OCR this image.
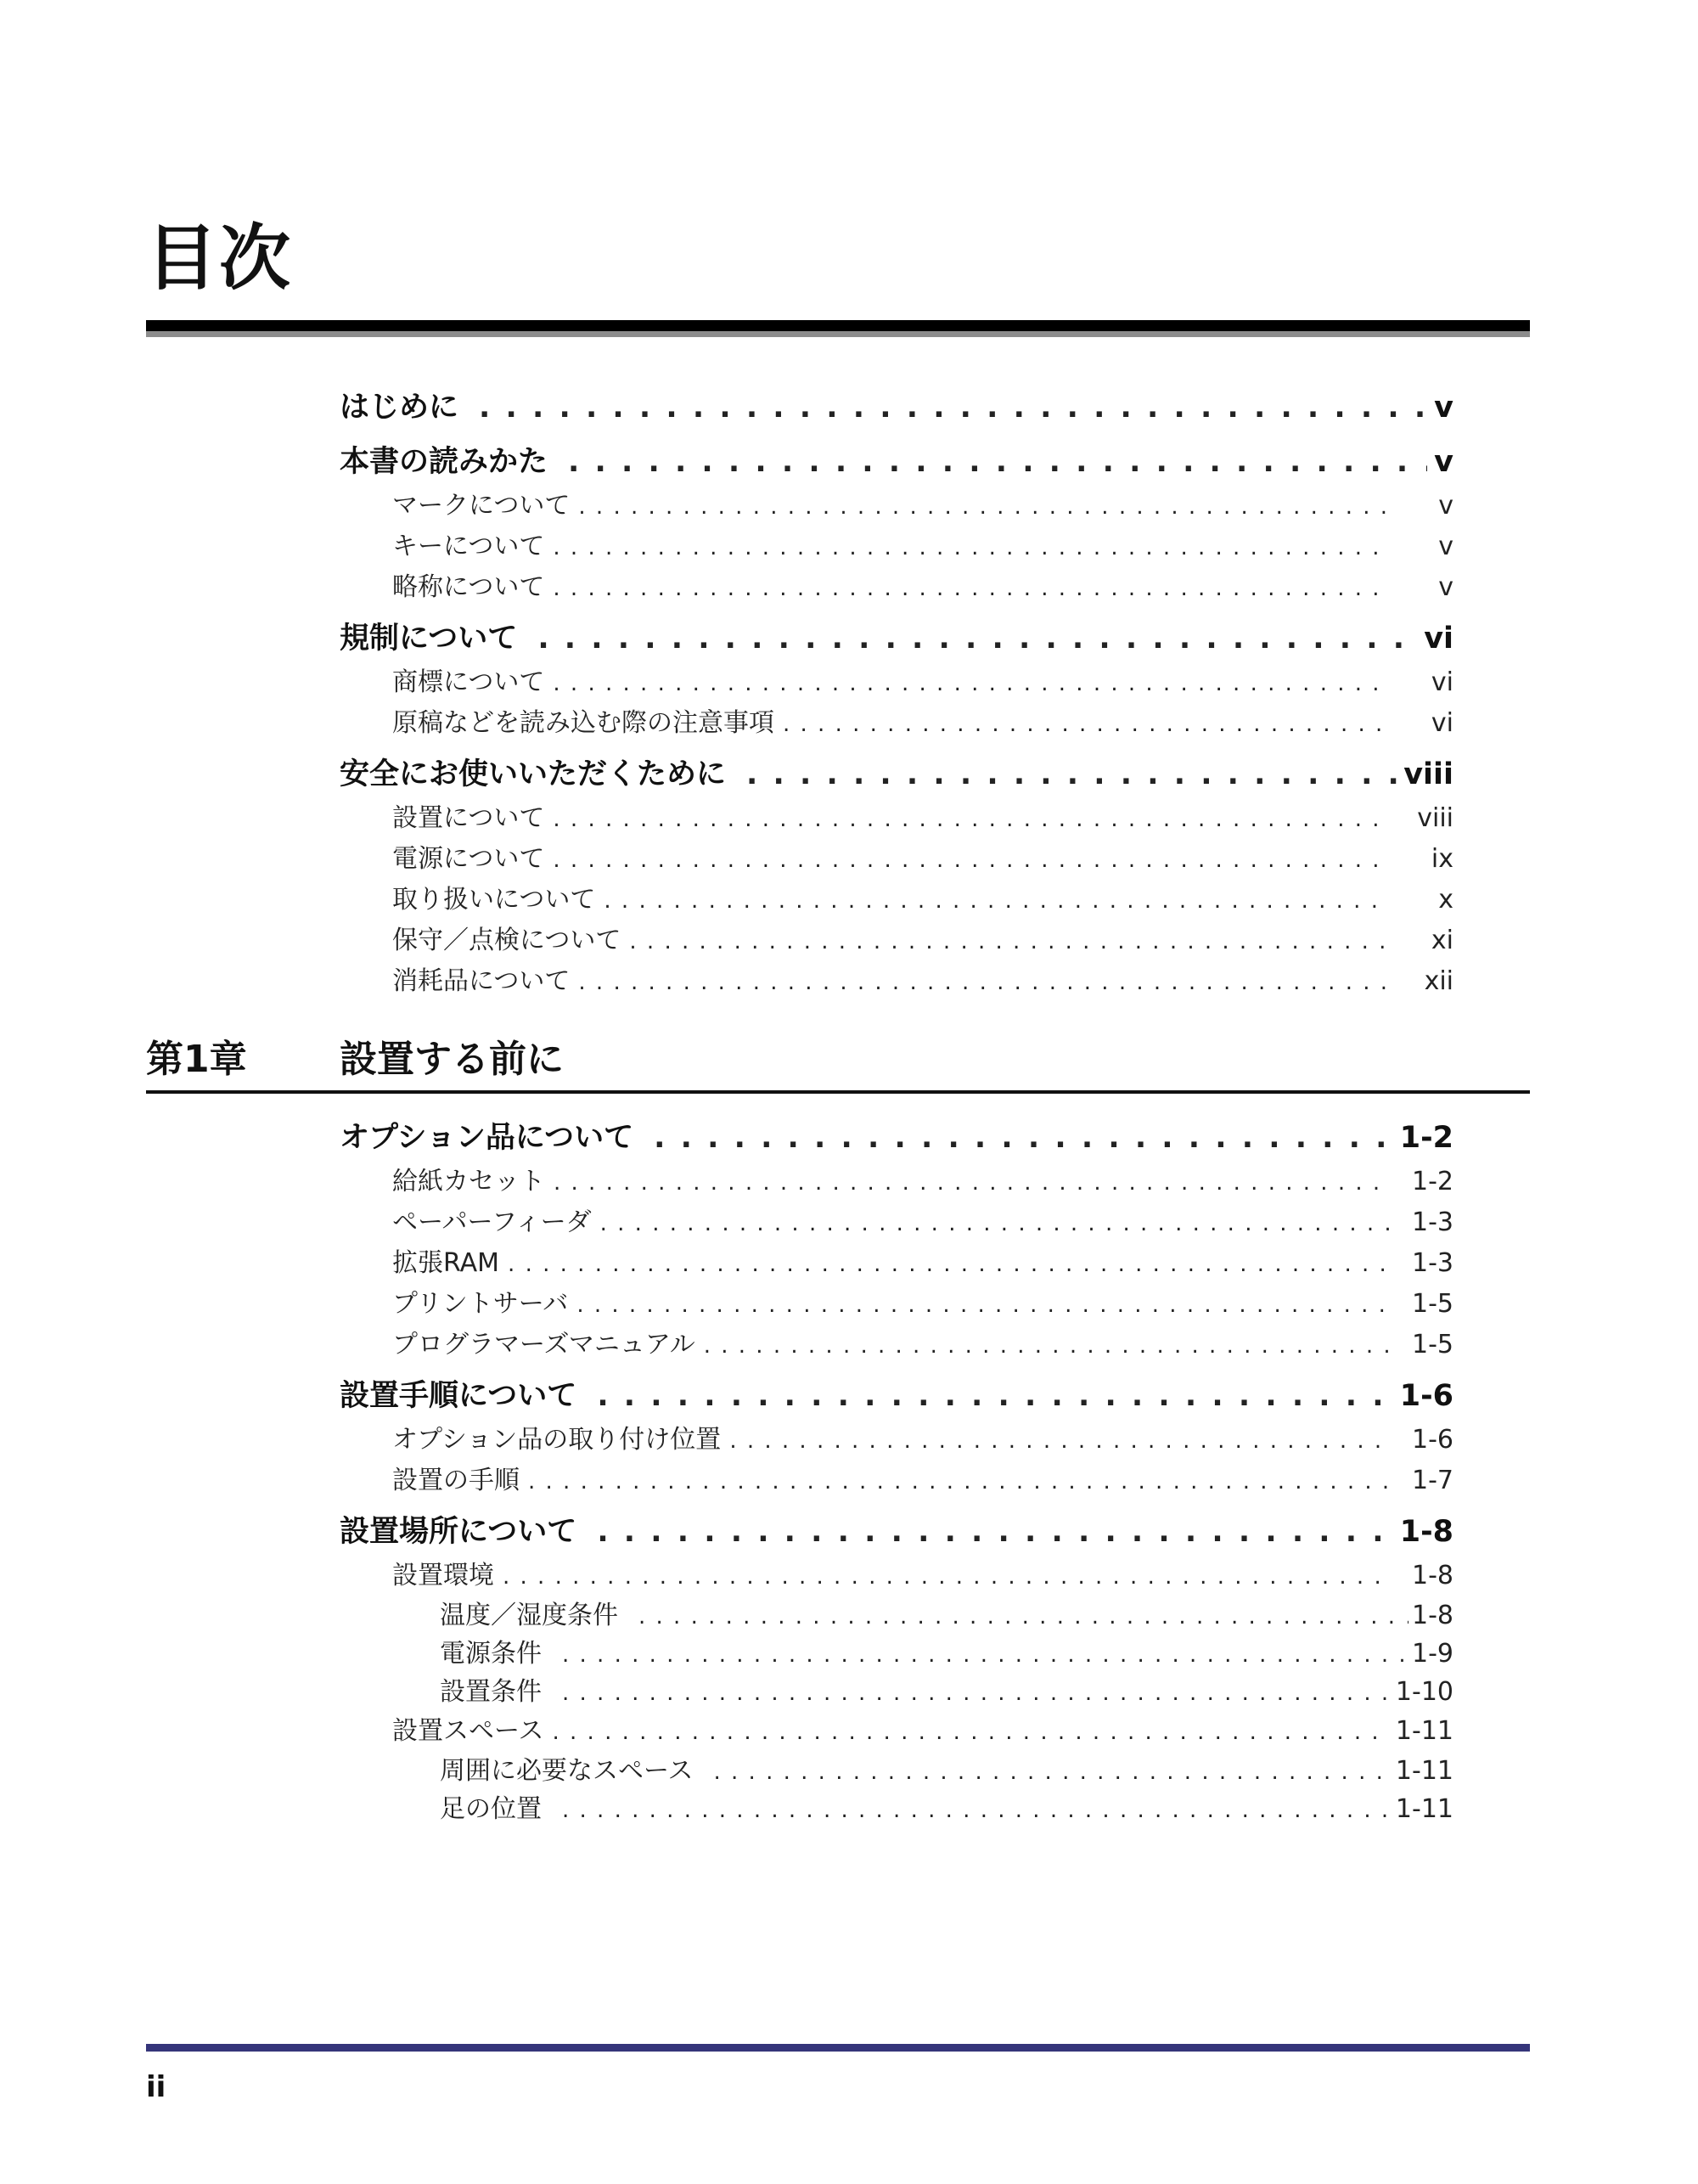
目次
はじめに . . .	v
本書の読みかた . . .	v
マークについて . . .	v
キーについて . . .	v
略称について . . .	v
規制について . . .	vi
商標について . . .	vi
原稿などを読み込む際の注意事項 . . .	vi
安全にお使いいただくために . . .	viii
設置について . . .	viii
電源について . . .	ix
取り扱いについて . . .	x
保守／点検について . . .	xi
消耗品について . . .	xii
第1章 設置する前に
オプション品について . . .	1-2
給紙カセット . . .	1-2
ペーパーフィーダ . . .	1-3
拡張RAM . . .	1-3
プリントサーバ . . .	1-5
プログラマーズマニュアル . . .	1-5
設置手順について . . .	1-6
オプション品の取り付け位置 . . .	1-6
設置の手順 . . .	1-7
設置場所について . . .	1-8
設置環境 . . .	1-8
温度／湿度条件 . . .	1-8
電源条件 . . .	1-9
設置条件 . . .	1-10
設置スペース . . .	1-11
周囲に必要なスペース . . .	1-11
足の位置 . . .	1-11
ii
